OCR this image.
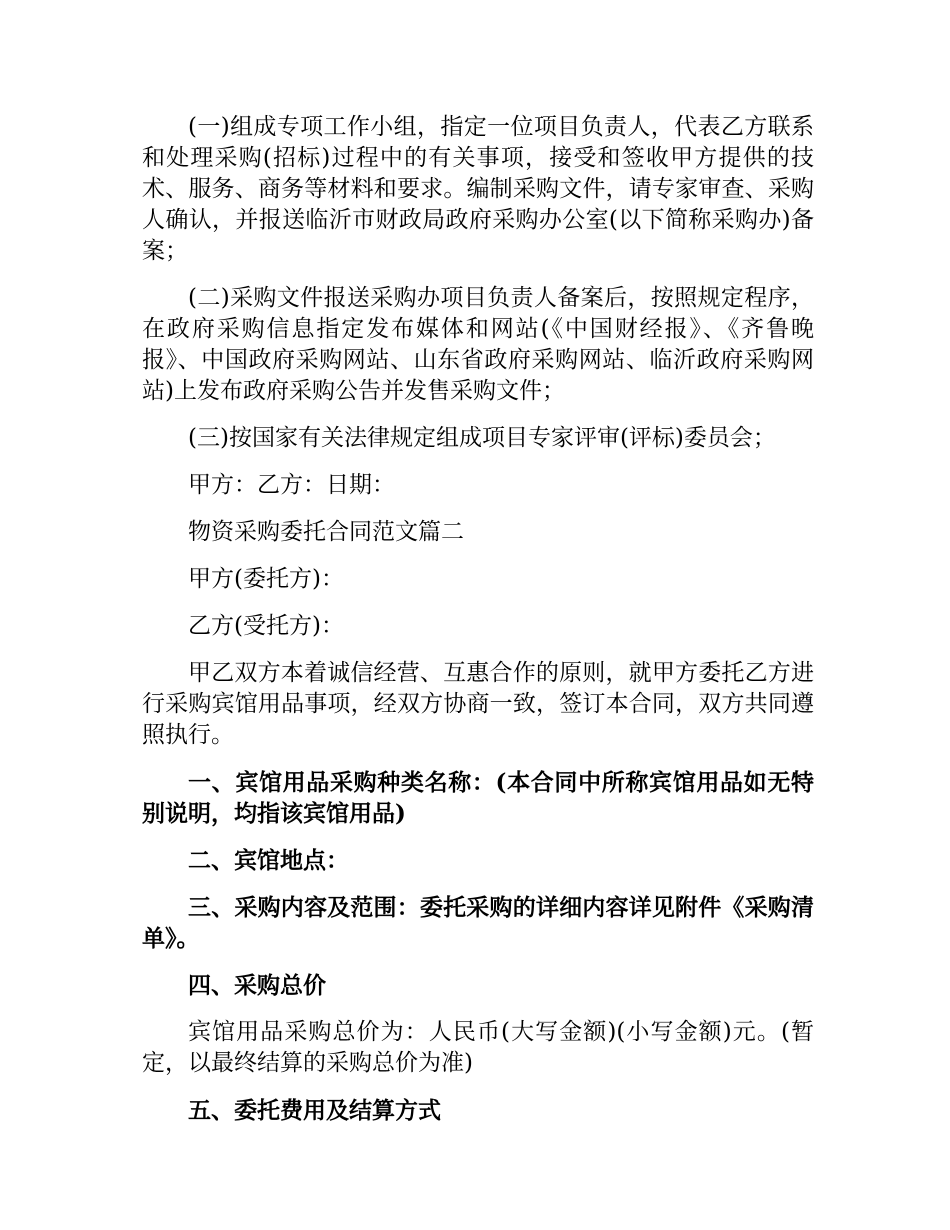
(一)组成专项工作小组，指定一位项目负责人，代表乙方联系和处理采购(招标)过程中的有关事项，接受和签收甲方提供的技术、服务、商务等材料和要求。编制采购文件，请专家审查、采购人确认，并报送临沂市财政局政府采购办公室(以下简称采购办)备案；

(二)采购文件报送采购办项目负责人备案后，按照规定程序，在政府采购信息指定发布媒体和网站(《中国财经报》、《齐鲁晚报》、中国政府采购网站、山东省政府采购网站、临沂政府采购网站)上发布政府采购公告并发售采购文件；

(三)按国家有关法律规定组成项目专家评审(评标)委员会；

甲方：乙方：日期：

物资采购委托合同范文篇二

甲方(委托方)：

乙方(受托方)：

甲乙双方本着诚信经营、互惠合作的原则，就甲方委托乙方进行采购宾馆用品事项，经双方协商一致，签订本合同，双方共同遵照执行。

一、宾馆用品采购种类名称：(本合同中所称宾馆用品如无特别说明，均指该宾馆用品)

二、宾馆地点：

三、采购内容及范围：委托采购的详细内容详见附件《采购清单》。

四、采购总价

宾馆用品采购总价为：人民币(大写金额)(小写金额)元。(暂定，以最终结算的采购总价为准)

五、委托费用及结算方式
